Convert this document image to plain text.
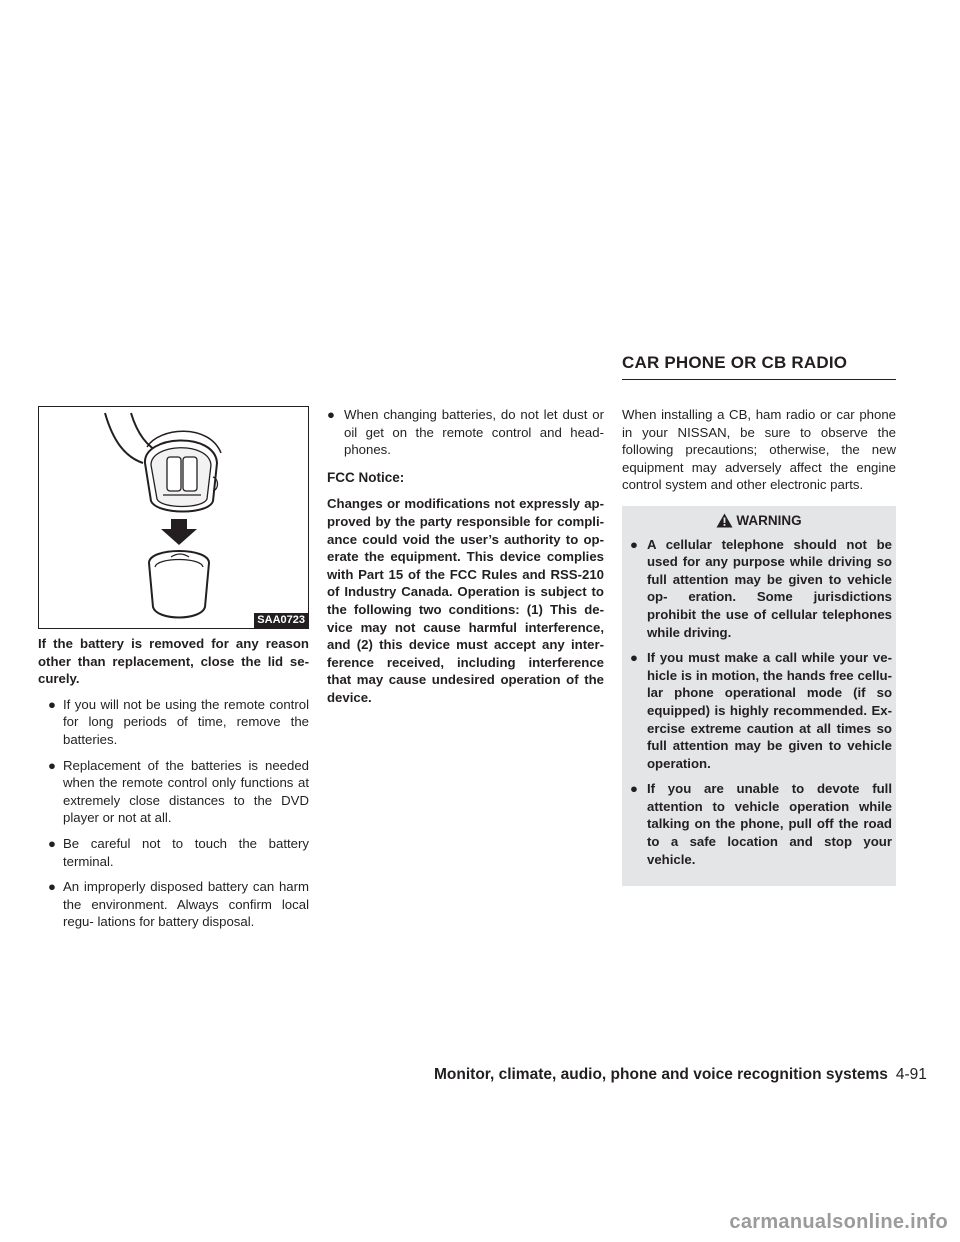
CAR PHONE OR CB RADIO
SAA0723

If the battery is removed for any reason other than replacement, close the lid se- curely.

● If you will not be using the remote control for long periods of time, remove the batteries.
● Replacement of the batteries is needed when the remote control only functions at extremely close distances to the DVD player or not at all.
● Be careful not to touch the battery terminal.
● An improperly disposed battery can harm the environment. Always confirm local regu- lations for battery disposal.
● When changing batteries, do not let dust or oil get on the remote control and head- phones.
FCC Notice:

Changes or modifications not expressly ap- proved by the party responsible for compli- ance could void the user’s authority to op- erate the equipment. This device complies with Part 15 of the FCC Rules and RSS-210 of Industry Canada. Operation is subject to the following two conditions: (1) This de- vice may not cause harmful interference, and (2) this device must accept any inter- ference received, including interference that may cause undesired operation of the device.

When installing a CB, ham radio or car phone in your NISSAN, be sure to observe the following precautions; otherwise, the new equipment may adversely affect the engine control system and other electronic parts.

WARNING
● A cellular telephone should not be used for any purpose while driving so full attention may be given to vehicle op- eration. Some jurisdictions prohibit the use of cellular telephones while driving.
● If you must make a call while your ve- hicle is in motion, the hands free cellu- lar phone operational mode (if so equipped) is highly recommended. Ex- ercise extreme caution at all times so full attention may be given to vehicle operation.
● If you are unable to devote full attention to vehicle operation while talking on the phone, pull off the road to a safe location and stop your vehicle.
Monitor, climate, audio, phone and voice recognition systems 4-91
carmanualsonline.info
